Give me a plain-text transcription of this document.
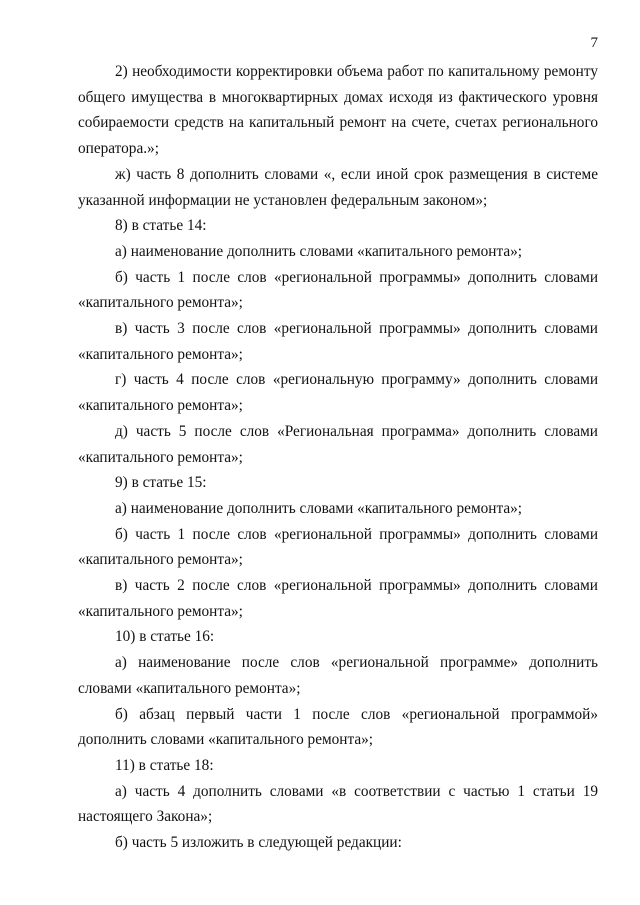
7
2) необходимости корректировки объема работ по капитальному ремонту
общего имущества в многоквартирных домах исходя из фактического уровня
собираемости средств на капитальный ремонт на счете, счетах регионального
оператора.»;
ж) часть 8 дополнить словами «, если иной срок размещения в системе
указанной информации не установлен федеральным законом»;
8) в статье 14:
а) наименование дополнить словами «капитального ремонта»;
б) часть 1 после слов «региональной программы» дополнить словами
«капитального ремонта»;
в) часть 3 после слов «региональной программы» дополнить словами
«капитального ремонта»;
г) часть 4 после слов «региональную программу» дополнить словами
«капитального ремонта»;
д) часть 5 после слов «Региональная программа» дополнить словами
«капитального ремонта»;
9) в статье 15:
а) наименование дополнить словами «капитального ремонта»;
б) часть 1 после слов «региональной программы» дополнить словами
«капитального ремонта»;
в) часть 2 после слов «региональной программы» дополнить словами
«капитального ремонта»;
10) в статье 16:
а) наименование после слов «региональной программе» дополнить
словами «капитального ремонта»;
б) абзац первый части 1 после слов «региональной программой»
дополнить словами «капитального ремонта»;
11) в статье 18:
а) часть 4 дополнить словами «в соответствии с частью 1 статьи 19
настоящего Закона»;
б) часть 5 изложить в следующей редакции:
